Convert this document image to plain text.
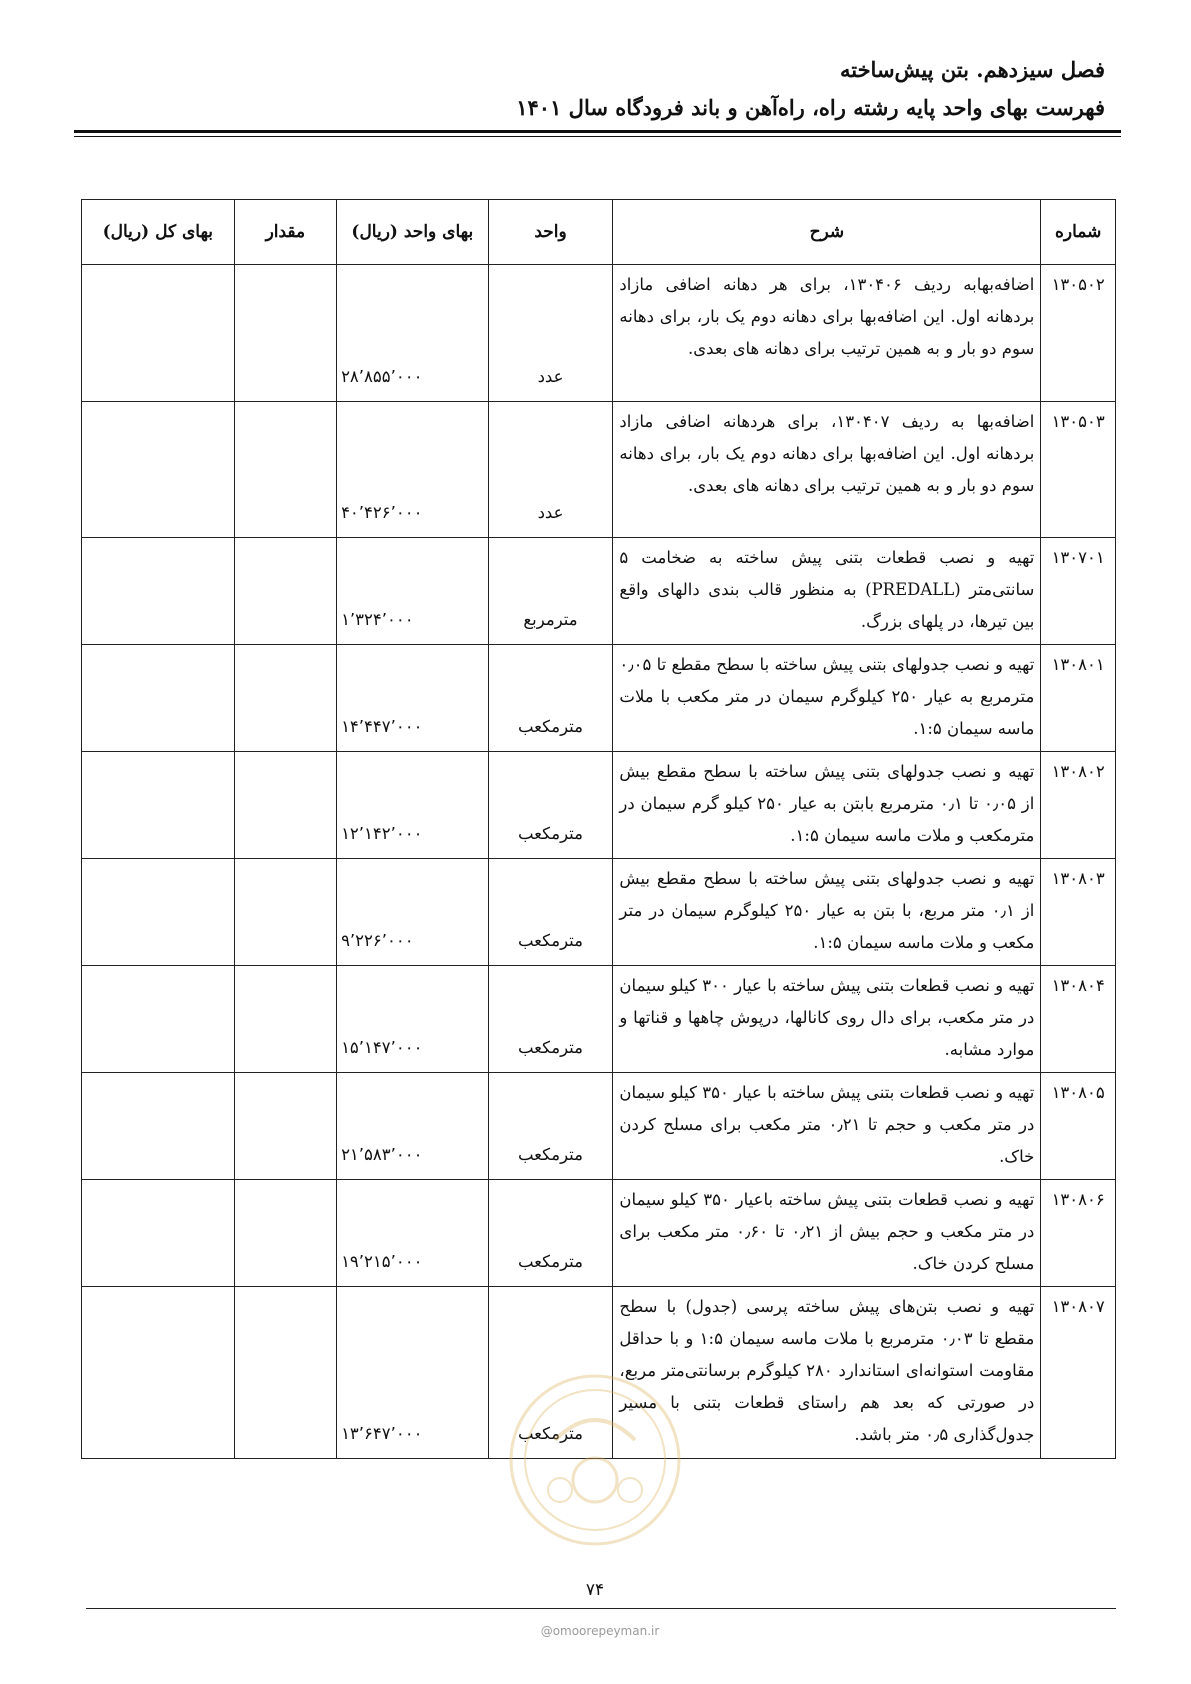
فصل سیزدهم. بتن پیش‌ساخته
فهرست بهای واحد پایه رشته راه، راه‌آهن و باند فرودگاه سال ۱۴۰۱
شماره	شرح	واحد	بهای واحد (ریال)	مقدار	بهای کل (ریال)
۱۳۰۵۰۲	اضافه‌بهابه ردیف ۱۳۰۴۰۶، برای هر دهانه اضافی مازاد بردهانه اول. این اضافه‌بها برای دهانه دوم یک بار، برای دهانه سوم دو بار و به همین ترتیب برای دهانه های بعدی.	عدد	۲۸٬۸۵۵٬۰۰۰		
۱۳۰۵۰۳	اضافه‌بها به ردیف ۱۳۰۴۰۷، برای هردهانه اضافی مازاد بردهانه اول. این اضافه‌بها برای دهانه دوم یک بار، برای دهانه سوم دو بار و به همین ترتیب برای دهانه های بعدی.	عدد	۴۰٬۴۲۶٬۰۰۰		
۱۳۰۷۰۱	تهیه و نصب قطعات بتنی پیش ساخته به ضخامت ۵ سانتی‌متر (PREDALL) به منظور قالب بندی دالهای واقع بین تیرها، در پلهای بزرگ.	مترمربع	۱٬۳۲۴٬۰۰۰		
۱۳۰۸۰۱	تهیه و نصب جدولهای بتنی پیش ساخته با سطح مقطع تا ۰٫۰۵ مترمربع به عیار ۲۵۰ کیلوگرم سیمان در متر مکعب با ملات ماسه سیمان ۱:۵.	مترمکعب	۱۴٬۴۴۷٬۰۰۰		
۱۳۰۸۰۲	تهیه و نصب جدولهای بتنی پیش ساخته با سطح مقطع بیش از ۰٫۰۵ تا ۰٫۱ مترمربع بابتن به عیار ۲۵۰ کیلو گرم سیمان در مترمکعب و ملات ماسه سیمان ۱:۵.	مترمکعب	۱۲٬۱۴۲٬۰۰۰		
۱۳۰۸۰۳	تهیه و نصب جدولهای بتنی پیش ساخته با سطح مقطع بیش از ۰٫۱ متر مربع، با بتن به عیار ۲۵۰ کیلوگرم سیمان در متر مکعب و ملات ماسه سیمان ۱:۵.	مترمکعب	۹٬۲۲۶٬۰۰۰		
۱۳۰۸۰۴	تهیه و نصب قطعات بتنی پیش ساخته با عیار ۳۰۰ کیلو سیمان در متر مکعب، برای دال روی کانالها، درپوش چاهها و قناتها و موارد مشابه.	مترمکعب	۱۵٬۱۴۷٬۰۰۰		
۱۳۰۸۰۵	تهیه و نصب قطعات بتنی پیش ساخته با عیار ۳۵۰ کیلو سیمان در متر مکعب و حجم تا ۰٫۲۱ متر مکعب برای مسلح کردن خاک.	مترمکعب	۲۱٬۵۸۳٬۰۰۰		
۱۳۰۸۰۶	تهیه و نصب قطعات بتنی پیش ساخته باعیار ۳۵۰ کیلو سیمان در متر مکعب و حجم بیش از ۰٫۲۱ تا ۰٫۶۰ متر مکعب برای مسلح کردن خاک.	مترمکعب	۱۹٬۲۱۵٬۰۰۰		
۱۳۰۸۰۷	تهیه و نصب بتن‌های پیش ساخته پرسی (جدول) با سطح مقطع تا ۰٫۰۳ مترمربع با ملات ماسه سیمان ۱:۵ و با حداقل مقاومت استوانه‌ای استاندارد ۲۸۰ کیلوگرم برسانتی‌متر مربع، در صورتی که بعد هم راستای قطعات بتنی با مسیر جدول‌گذاری ۰٫۵ متر باشد.	مترمکعب	۱۳٬۶۴۷٬۰۰۰		
۷۴
@omoorepeyman.ir
